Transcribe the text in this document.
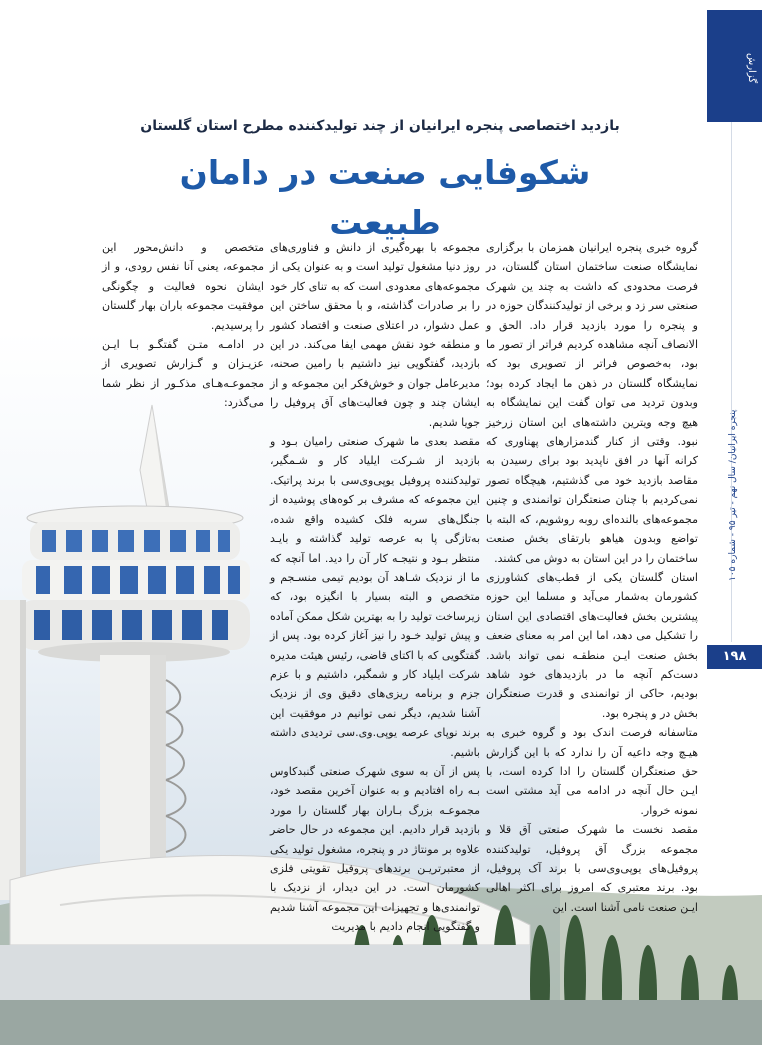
گزارش
پنجره ایرانیان/ سال نهم - تیر ۹۵ - شماره ۱۰۵
۱۹۸
بازدید اختصاصی پنجره ایرانیان از چند تولیدکننده مطرح استان گلستان
شکوفایی صنعت در دامان طبیعت

گروه خبری پنجره ایرانیان همزمان با برگزاری نمایشگاه صنعت ساختمان استان گلستان، در فرصت محدودی که داشت به چند ین شهرک صنعتی سر زد و برخی از تولیدکنندگان حوزه در و پنجره را مورد بازدید قرار داد. الحق و الانصاف آنچه مشاهده کردیم فراتر از تصور ما بود، به‌خصوص فراتر از تصویری بود که نمایشگاه گلستان در ذهن ما ایجاد کرده بود؛ وبدون تردید می توان گفت این نمایشگاه به هیچ وجه ویترین داشته‌های این استان زرخیز نبود. وقتی از کنار گندمزارهای پهناوری که کرانه آنها در افق ناپدید بود برای رسیدن به مقاصد بازدید خود می گذشتیم، هیچگاه تصور نمی‌کردیم با چنان صنعتگران توانمندی و چنین مجموعه‌های بالنده‌ای روبه روشویم، که البته با تواضع وبدون هیاهو بارتقای بخش صنعت ساختمان را در این استان به دوش می کشند.

استان گلستان یکی از قطب‌های کشاورزی کشورمان به‌شمار می‌آید و مسلما این حوزه پیشترین بخش فعالیت‌های اقتصادی این استان را تشکیل می دهد، اما این امر به معنای ضعف بخش صنعت ایـن منطقـه نمی تواند باشد. دست‌کم آنچه ما در بازدیدهای خود شاهد بودیم، حاکی از توانمندی و قدرت صنعتگران بخش در و پنجره بود.

متاسفانه فرصت اندک بود و گروه خبری به هیـچ وجه داعیه آن را ندارد که با این گزارش حق صنعتگران گلستان را ادا کرده است، با ایـن حال آنچه در ادامه می آید مشتی است نمونه خروار.

مقصد نخست ما شهرک صنعتی آق قلا و مجموعه بزرگ آق پروفیل، تولیدکننده پروفیل‌های یوپی‌وی‌سی با برند آک پروفیل، بود. برند معتبری که امروز برای اکثر اهالی ایـن صنعت نامی آشنا است. این

مجموعه با بهره‌گیری از دانش و فناوری‌های روز دنیا مشغول تولید است و به عنوان یکی از مجموعه‌های معدودی است که به تنای کار خود را بر صادرات گذاشته، و با محقق ساختن این عمل دشوار، در اعتلای صنعت و اقتصاد کشور و منطقه خود نقش مهمی ایفا می‌کند. در این بازدید، گفتگویی نیز داشتیم با رامین صحنه، مدیرعامل جوان و خوش‌فکر این مجموعه و از ایشان چند و چون فعالیت‌های آق پروفیل را جویا شدیم.

مقصد بعدی ما شهرک صنعتی رامیان بـود و بازدید از شـرکت ایلیاد کار و شـمگیر، تولیدکننده پروفیل یوپی‌وی‌سی با برند پراتیک. این مجموعه که مشرف بر کوه‌های پوشیده از جنگل‌های سربه فلک کشیده واقع شده، به‌تازگی پا به عرصه تولید گذاشته و بایـد منتظر بـود و نتیجـه کار آن را دید. اما آنچه که ما از نزدیک شـاهد آن بودیم تیمی منسـجم و متخصص و البته بسیار با انگیزه بود، که زیرساخت تولید را به بهترین شکل ممکن آماده و پیش تولید خـود را نیز آغاز کرده بود. پس از گفتگویی که با اکتای قاضی، رئیس هیئت مدیره شرکت ایلیاد کار و شمگیر، داشتیم و با عزم جزم و برنامه ریزی‌های دقیق وی از نزدیک آشنا شدیم، دیگر نمی توانیم در موفقیت این برند نوپای عرصه یوپی.وی.سی تردیدی داشته باشیم.

پس از آن به سوی شهرک صنعتی گنبدکاوس بـه راه افتادیم و به عنوان آخرین مقصد خود، مجموعـه بزرگ بـاران بهار گلستان را مورد بازدید قرار دادیم. این مجموعه در حال حاضر علاوه بر مونتاژ در و پنجره، مشغول تولید یکی از معتبرتریـن برندهای پروفیل تقویتی فلزی کشورمان است. در این دیدار، از نزدیک با توانمندی‌ها و تجهیزات این مجموعه آشنا شدیم و گفتگویی انجام دادیم با مدیریت

متخصص و دانش‌محور این مجموعه، یعنی آنا نفس رودی، و از ایشان نحوه فعالیت و چگونگی موفقیت مجموعه باران بهار گلستان را پرسیدیم.

در ادامـه متـن گفتگـو بـا ایـن عزیـزان و گـزارش تصویری از مجموعـه‌هـای مذکـور از نظر شما می‌گذرد:
